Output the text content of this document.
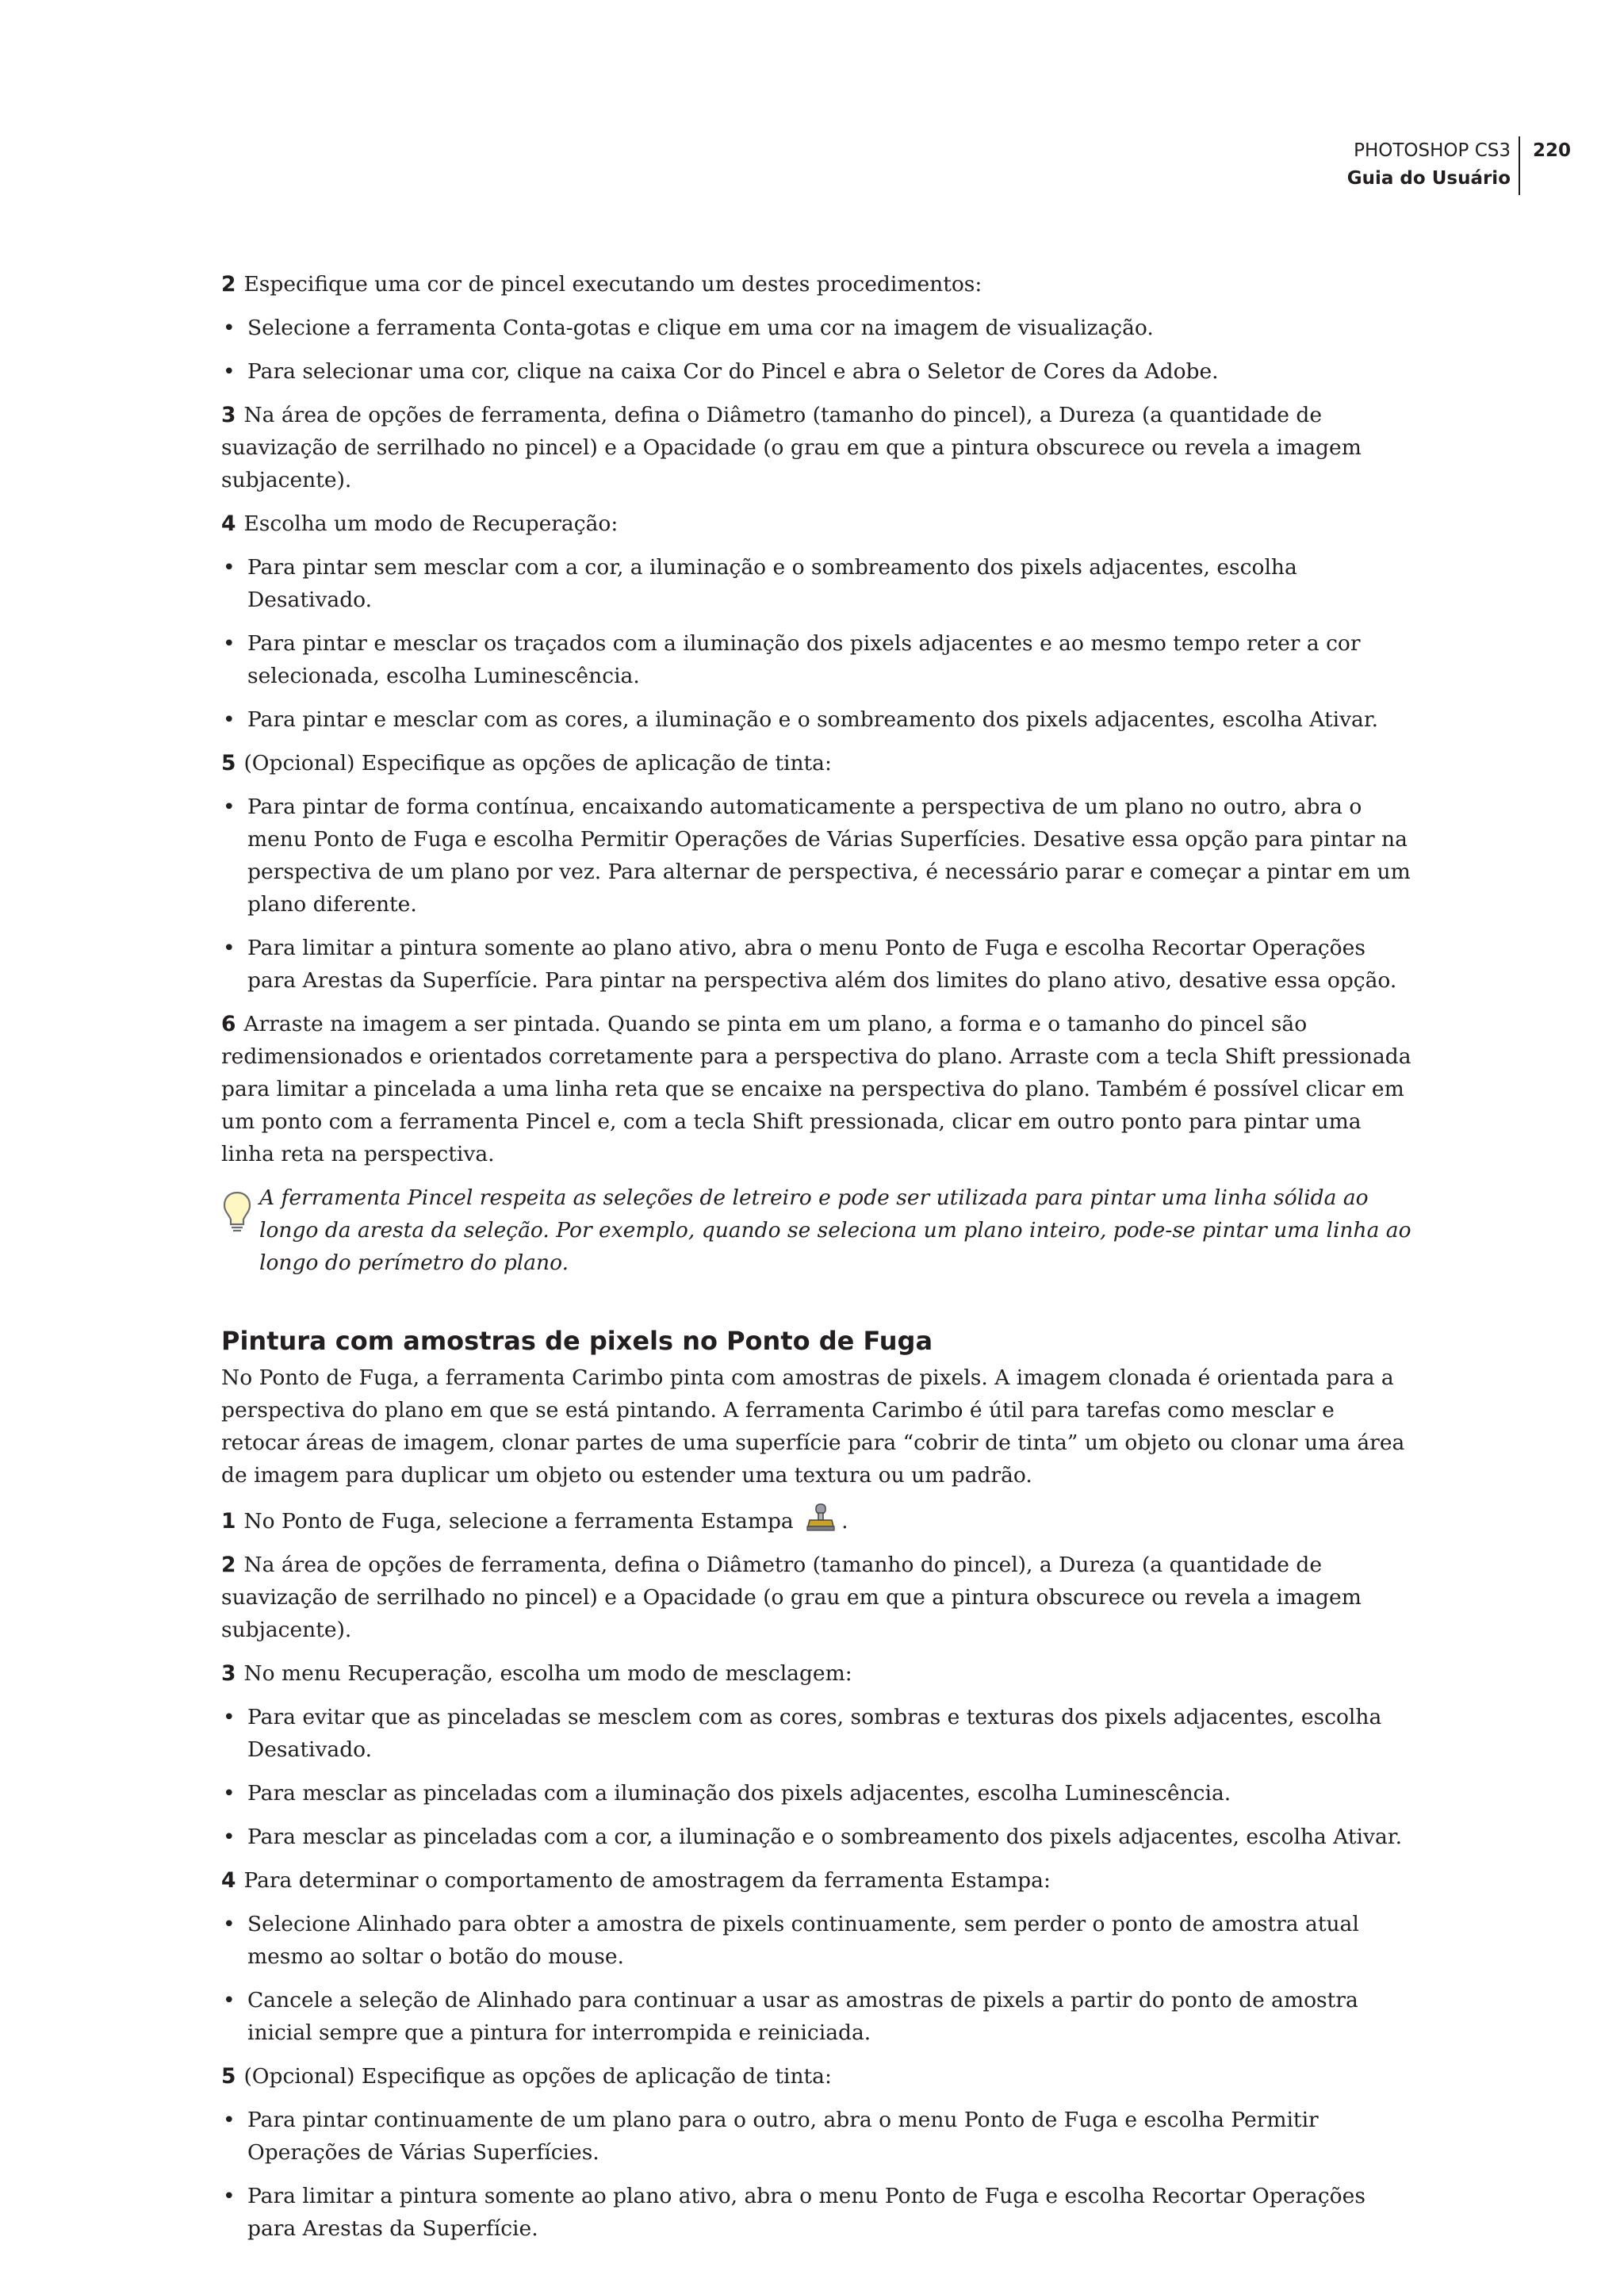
PHOTOSHOP CS3
Guia do Usuário
220

2 Especifique uma cor de pincel executando um destes procedimentos:

• Selecione a ferramenta Conta-gotas e clique em uma cor na imagem de visualização.

• Para selecionar uma cor, clique na caixa Cor do Pincel e abra o Seletor de Cores da Adobe.

3 Na área de opções de ferramenta, defina o Diâmetro (tamanho do pincel), a Dureza (a quantidade de suavização de serrilhado no pincel) e a Opacidade (o grau em que a pintura obscurece ou revela a imagem subjacente).

4 Escolha um modo de Recuperação:

• Para pintar sem mesclar com a cor, a iluminação e o sombreamento dos pixels adjacentes, escolha Desativado.

• Para pintar e mesclar os traçados com a iluminação dos pixels adjacentes e ao mesmo tempo reter a cor selecionada, escolha Luminescência.

• Para pintar e mesclar com as cores, a iluminação e o sombreamento dos pixels adjacentes, escolha Ativar.

5 (Opcional) Especifique as opções de aplicação de tinta:

• Para pintar de forma contínua, encaixando automaticamente a perspectiva de um plano no outro, abra o menu Ponto de Fuga e escolha Permitir Operações de Várias Superfícies. Desative essa opção para pintar na perspectiva de um plano por vez. Para alternar de perspectiva, é necessário parar e começar a pintar em um plano diferente.

• Para limitar a pintura somente ao plano ativo, abra o menu Ponto de Fuga e escolha Recortar Operações para Arestas da Superfície. Para pintar na perspectiva além dos limites do plano ativo, desative essa opção.

6 Arraste na imagem a ser pintada. Quando se pinta em um plano, a forma e o tamanho do pincel são redimensionados e orientados corretamente para a perspectiva do plano. Arraste com a tecla Shift pressionada para limitar a pincelada a uma linha reta que se encaixe na perspectiva do plano. Também é possível clicar em um ponto com a ferramenta Pincel e, com a tecla Shift pressionada, clicar em outro ponto para pintar uma linha reta na perspectiva.

A ferramenta Pincel respeita as seleções de letreiro e pode ser utilizada para pintar uma linha sólida ao longo da aresta da seleção. Por exemplo, quando se seleciona um plano inteiro, pode-se pintar uma linha ao longo do perímetro do plano.
Pintura com amostras de pixels no Ponto de Fuga

No Ponto de Fuga, a ferramenta Carimbo pinta com amostras de pixels. A imagem clonada é orientada para a perspectiva do plano em que se está pintando. A ferramenta Carimbo é útil para tarefas como mesclar e retocar áreas de imagem, clonar partes de uma superfície para “cobrir de tinta” um objeto ou clonar uma área de imagem para duplicar um objeto ou estender uma textura ou um padrão.

1 No Ponto de Fuga, selecione a ferramenta Estampa .

2 Na área de opções de ferramenta, defina o Diâmetro (tamanho do pincel), a Dureza (a quantidade de suavização de serrilhado no pincel) e a Opacidade (o grau em que a pintura obscurece ou revela a imagem subjacente).

3 No menu Recuperação, escolha um modo de mesclagem:

• Para evitar que as pinceladas se mesclem com as cores, sombras e texturas dos pixels adjacentes, escolha Desativado.

• Para mesclar as pinceladas com a iluminação dos pixels adjacentes, escolha Luminescência.

• Para mesclar as pinceladas com a cor, a iluminação e o sombreamento dos pixels adjacentes, escolha Ativar.

4 Para determinar o comportamento de amostragem da ferramenta Estampa:

• Selecione Alinhado para obter a amostra de pixels continuamente, sem perder o ponto de amostra atual mesmo ao soltar o botão do mouse.

• Cancele a seleção de Alinhado para continuar a usar as amostras de pixels a partir do ponto de amostra inicial sempre que a pintura for interrompida e reiniciada.

5 (Opcional) Especifique as opções de aplicação de tinta:

• Para pintar continuamente de um plano para o outro, abra o menu Ponto de Fuga e escolha Permitir Operações de Várias Superfícies.

• Para limitar a pintura somente ao plano ativo, abra o menu Ponto de Fuga e escolha Recortar Operações para Arestas da Superfície.
